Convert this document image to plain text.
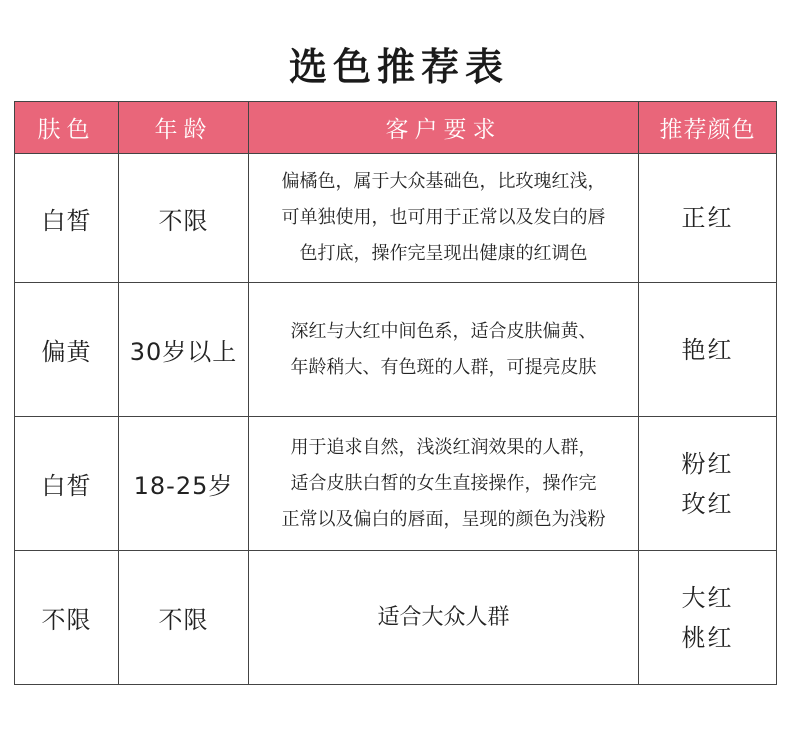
选色推荐表
肤色	年龄	客户要求	推荐颜色
白皙	不限	偏橘色，属于大众基础色，比玫瑰红浅，
可单独使用，也可用于正常以及发白的唇
色打底，操作完呈现出健康的红调色	正红

偏黄	30岁以上	深红与大红中间色系，适合皮肤偏黄、
年龄稍大、有色斑的人群，可提亮皮肤	艳红

白皙	18-25岁	用于追求自然，浅淡红润效果的人群，
适合皮肤白皙的女生直接操作，操作完
正常以及偏白的唇面，呈现的颜色为浅粉	粉红
玫红

不限	不限	适合大众人群	大红
桃红
